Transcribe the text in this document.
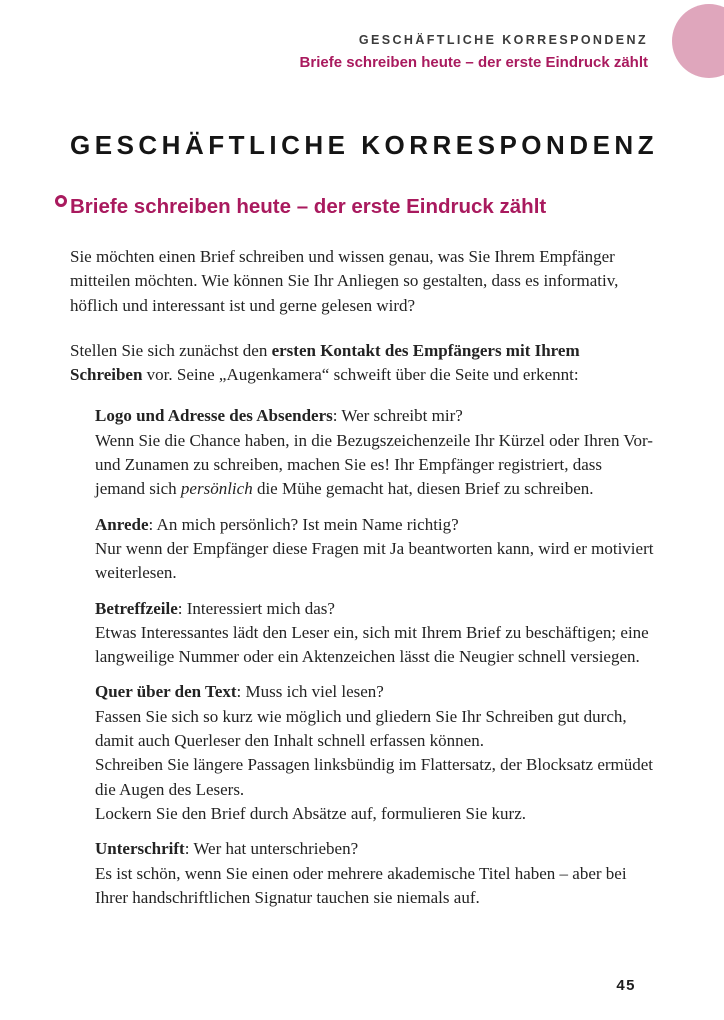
GESCHÄFTLICHE KORRESPONDENZ
Briefe schreiben heute – der erste Eindruck zählt
GESCHÄFTLICHE KORRESPONDENZ
Briefe schreiben heute – der erste Eindruck zählt

Sie möchten einen Brief schreiben und wissen genau, was Sie Ihrem Empfänger mitteilen möchten. Wie können Sie Ihr Anliegen so gestalten, dass es informativ, höflich und interessant ist und gerne gelesen wird?

Stellen Sie sich zunächst den ersten Kontakt des Empfängers mit Ihrem Schreiben vor. Seine „Augenkamera“ schweift über die Seite und erkennt:

Logo und Adresse des Absenders: Wer schreibt mir?

Wenn Sie die Chance haben, in die Bezugszeichenzeile Ihr Kürzel oder Ihren Vor- und Zunamen zu schreiben, machen Sie es! Ihr Empfänger registriert, dass jemand sich persönlich die Mühe gemacht hat, diesen Brief zu schreiben.

Anrede: An mich persönlich? Ist mein Name richtig?

Nur wenn der Empfänger diese Fragen mit Ja beantworten kann, wird er motiviert weiterlesen.

Betreffzeile: Interessiert mich das?

Etwas Interessantes lädt den Leser ein, sich mit Ihrem Brief zu beschäftigen; eine langweilige Nummer oder ein Aktenzeichen lässt die Neugier schnell versiegen.

Quer über den Text: Muss ich viel lesen?

Fassen Sie sich so kurz wie möglich und gliedern Sie Ihr Schreiben gut durch, damit auch Querleser den Inhalt schnell erfassen können.

Schreiben Sie längere Passagen linksbündig im Flattersatz, der Blocksatz ermüdet die Augen des Lesers.

Lockern Sie den Brief durch Absätze auf, formulieren Sie kurz.

Unterschrift: Wer hat unterschrieben?

Es ist schön, wenn Sie einen oder mehrere akademische Titel haben – aber bei Ihrer handschriftlichen Signatur tauchen sie niemals auf.

45
